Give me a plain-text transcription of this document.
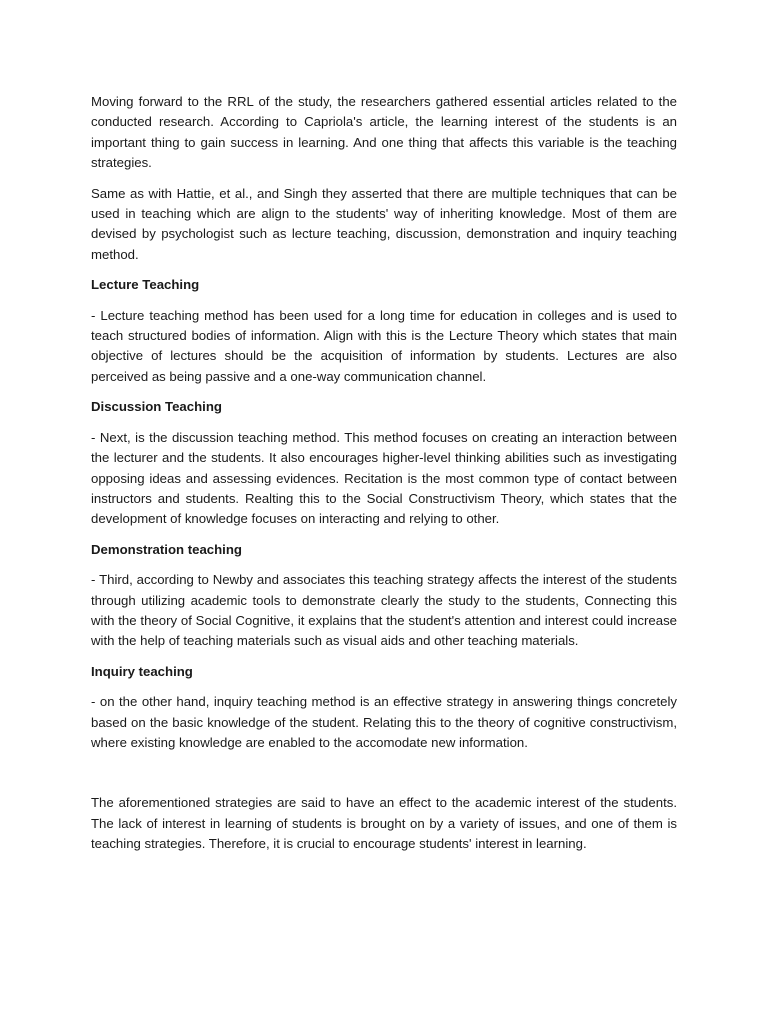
Moving forward to the RRL of the study, the researchers gathered essential articles related to the conducted research. According to Capriola's article, the learning interest of the students is an important thing to gain success in learning. And one thing that affects this variable is the teaching strategies.

Same as with Hattie, et al., and Singh they asserted that there are multiple techniques that can be used in teaching which are align to the students' way of inheriting knowledge. Most of them are devised by psychologist such as lecture teaching, discussion, demonstration and inquiry teaching method.

Lecture Teaching

- Lecture teaching method has been used for a long time for education in colleges and is used to teach structured bodies of information. Align with this is the Lecture Theory which states that main objective of lectures should be the acquisition of information by students. Lectures are also perceived as being passive and a one-way communication channel.

Discussion Teaching

- Next, is the discussion teaching method. This method focuses on creating an interaction between the lecturer and the students. It also encourages higher-level thinking abilities such as investigating opposing ideas and assessing evidences. Recitation is the most common type of contact between instructors and students. Realting this to the Social Constructivism Theory, which states that the development of knowledge focuses on interacting and relying to other.

Demonstration teaching

- Third, according to Newby and associates this teaching strategy affects the interest of the students through utilizing academic tools to demonstrate clearly the study to the students, Connecting this with the theory of Social Cognitive, it explains that the student's attention and interest could increase with the help of teaching materials such as visual aids and other teaching materials.

Inquiry teaching

- on the other hand, inquiry teaching method is an effective strategy in answering things concretely based on the basic knowledge of the student. Relating this to the theory of cognitive constructivism, where existing knowledge are enabled to the accomodate new information.

The aforementioned strategies are said to have an effect to the academic interest of the students. The lack of interest in learning of students is brought on by a variety of issues, and one of them is teaching strategies. Therefore, it is crucial to encourage students' interest in learning.
